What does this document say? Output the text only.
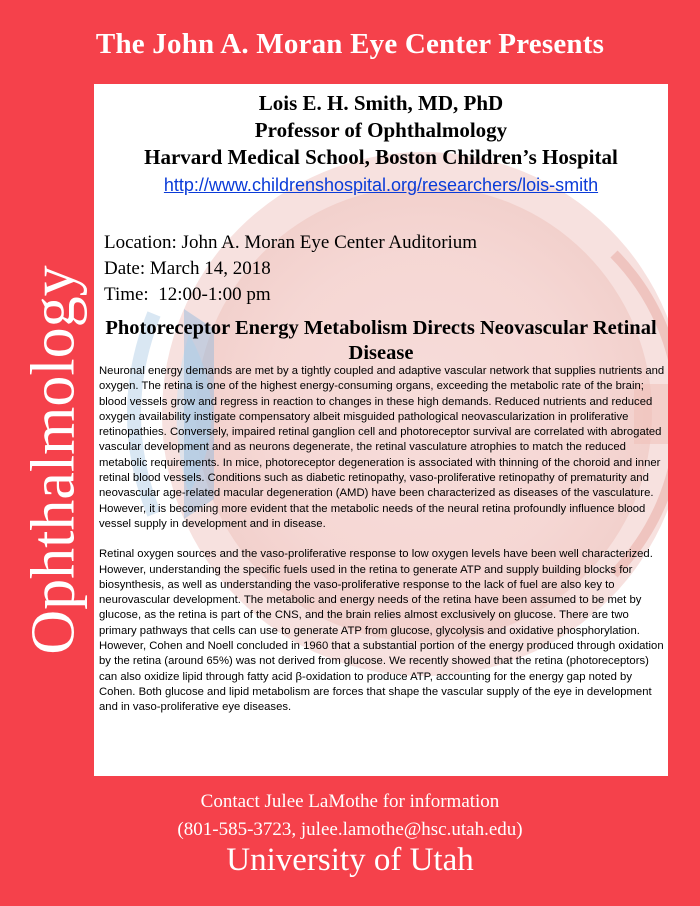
The John A. Moran Eye Center Presents
Ophthalmology
Lois E. H. Smith, MD, PhD
Professor of Ophthalmology
Harvard Medical School, Boston Children’s Hospital
http://www.childrenshospital.org/researchers/lois-smith
Location: John A. Moran Eye Center Auditorium
Date: March 14, 2018
Time:  12:00-1:00 pm
Photoreceptor Energy Metabolism Directs Neovascular Retinal Disease

Neuronal energy demands are met by a tightly coupled and adaptive vascular network that supplies nutrients and oxygen. The retina is one of the highest energy-consuming organs, exceeding the metabolic rate of the brain; blood vessels grow and regress in reaction to changes in these high demands. Reduced nutrients and reduced oxygen availability instigate compensatory albeit misguided pathological neovascularization in proliferative retinopathies. Conversely, impaired retinal ganglion cell and photoreceptor survival are correlated with abrogated vascular development and as neurons degenerate, the retinal vasculature atrophies to match the reduced metabolic requirements. In mice, photoreceptor degeneration is associated with thinning of the choroid and inner retinal blood vessels. Conditions such as diabetic retinopathy, vaso-proliferative retinopathy of prematurity and neovascular age-related macular degeneration (AMD) have been characterized as diseases of the vasculature. However, it is becoming more evident that the metabolic needs of the neural retina profoundly influence blood vessel supply in development and in disease.

Retinal oxygen sources and the vaso-proliferative response to low oxygen levels have been well characterized. However, understanding the specific fuels used in the retina to generate ATP and supply building blocks for biosynthesis, as well as understanding the vaso-proliferative response to the lack of fuel are also key to neurovascular development. The metabolic and energy needs of the retina have been assumed to be met by glucose, as the retina is part of the CNS, and the brain relies almost exclusively on glucose. There are two primary pathways that cells can use to generate ATP from glucose, glycolysis and oxidative phosphorylation. However, Cohen and Noell concluded in 1960 that a substantial portion of the energy produced through oxidation by the retina (around 65%) was not derived from glucose. We recently showed that the retina (photoreceptors) can also oxidize lipid through fatty acid β-oxidation to produce ATP, accounting for the energy gap noted by Cohen. Both glucose and lipid metabolism are forces that shape the vascular supply of the eye in development and in vaso-proliferative eye diseases.

Contact Julee LaMothe for information
(801-585-3723, julee.lamothe@hsc.utah.edu)
University of Utah
